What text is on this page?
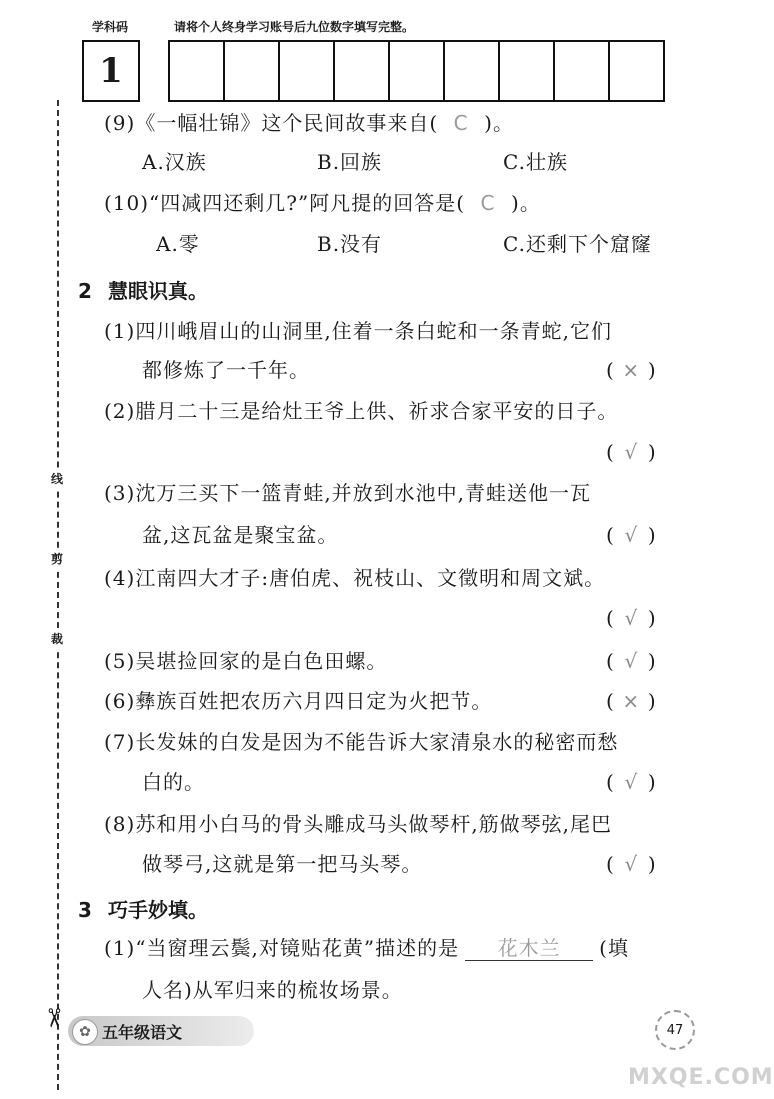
学科码	请将个人终身学习账号后九位数字填写完整。
1
线
剪
裁
✂
(9)《一幅壮锦》这个民间故事来自( C )。
A.汉族	B.回族	C.壮族
(10)“四减四还剩几?”阿凡提的回答是( C )。
A.零	B.没有	C.还剩下个窟窿
2 慧眼识真。
(1)四川峨眉山的山洞里,住着一条白蛇和一条青蛇,它们
都修炼了一千年。	( × )
(2)腊月二十三是给灶王爷上供、祈求合家平安的日子。
( √ )
(3)沈万三买下一篮青蛙,并放到水池中,青蛙送他一瓦
盆,这瓦盆是聚宝盆。	( √ )
(4)江南四大才子:唐伯虎、祝枝山、文徵明和周文斌。
( √ )
(5)吴堪捡回家的是白色田螺。	( √ )
(6)彝族百姓把农历六月四日定为火把节。	( × )
(7)长发妹的白发是因为不能告诉大家清泉水的秘密而愁
白的。	( √ )
(8)苏和用小白马的骨头雕成马头做琴杆,筋做琴弦,尾巴
做琴弓,这就是第一把马头琴。	( √ )
3 巧手妙填。
(1)“当窗理云鬓,对镜贴花黄”描述的是 花木兰 (填
人名)从军归来的梳妆场景。
✿ 五年级语文	47
MXQE.COM
